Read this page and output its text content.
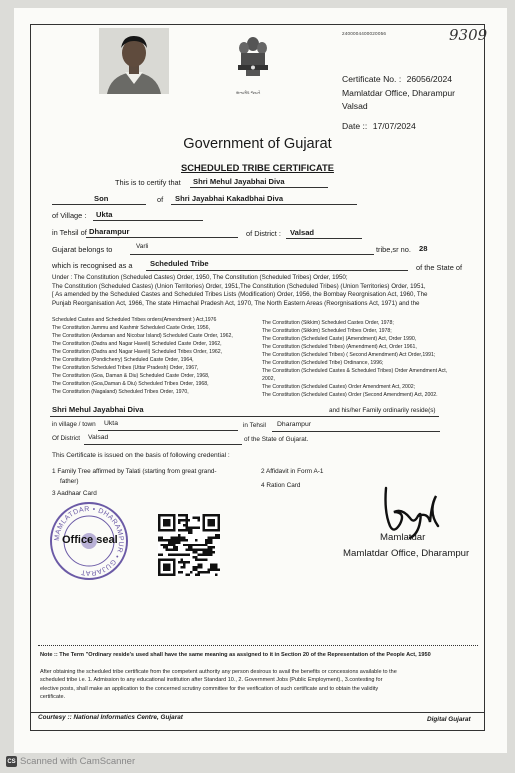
સત્યમેવ જયતે
2400004400020056	9309
Certificate No. : 26056/2024
Mamlatdar Office, Dharampur
Valsad
Date :: 17/07/2024
Government of Gujarat
SCHEDULED TRIBE CERTIFICATE
This is to certify that Shri Mehul Jayabhai Diva
Son	of Shri Jayabhai Kakadbhai Diva
of Village : Ukta
in Tehsil of Dharampur	of District : Valsad
Gujarat belongs to	Varli	tribe,sr no. 28
which is recognised as a Scheduled Tribe	of the State of
Under : The Constitution (Scheduled Castes) Order, 1950, The Constitution (Scheduled Tribes) Order, 1950;
The Constitution (Scheduled Castes) (Union Territories) Order, 1951,The Constitution (Scheduled Tribes) (Union Territories) Order, 1951,
[ As amended by the Scheduled Castes and Scheduled Tribes Lists (Modification) Order, 1956, the Bombay Reorgnisation Act, 1960, The
Punjab Reorganisation Act, 1966, The state Himachal Pradesh Act, 1970, The North Eastern Areas (Reorgnisations Act, 1971) and the
Scheduled Castes and Scheduled Tribes orders(Amendment ) Act,1976
The Constitution Jammu and Kashmir Scheduled Caste Order, 1956,
The Constitution (Andaman and Nicobar Island) Scheduled Caste Order, 1962,
The Constitution (Dadra and Nagar Haveli) Scheduled Caste Order, 1962,
The Constitution (Dadra and Nagar Haveli) Scheduled Tribes Order, 1962,
The Constitution (Pondicherry) Scheduled Caste Order, 1964,
The Constitution Scheduled Tribes (Uttar Pradesh) Order, 1967,
The Constitution (Goa, Daman & Diu) Scheduled Caste Order, 1968,
The Constitution (Goa,Daman & Diu) Scheduled Tribes Order, 1968,
The Constitution (Nagaland) Scheduled Tribes Order, 1970,
The Constitution (Sikkim) Scheduled Castes Order, 1978;
The Constitution (Sikkim) Scheduled Tribes Order, 1978;
The Constitution (Scheduled Caste) (Amendment) Act, Order 1990,
The Constitution (Scheduled Tribes) (Amendment) Act, Order 1961,
The Constitution (Scheduled Tribes) ( Second Amendment) Act Order,1991;
The Constitution (Scheduled Tribe) Ordinance, 1996;
The Constitution (Scheduled Castes & Scheduled Tribes) Order Amendment Act,
2002,
The Constitution (Scheduled Castes) Order Amendment Act, 2002;
The Constitution (Scheduled Castes) Order (Second Amendment) Act, 2002.
Shri Mehul Jayabhai Diva	and his/her Family ordinarily reside(s)
in village / town Ukta	in Tehsil Dharampur
Of District Valsad	of the State of Gujarat.
This Certificate is issued on the basis of following credential :
1 Family Tree affirmed by Talati (starting from great grand-
father)
3 Aadhaar Card
2 Affidavit in Form A-1
4 Ration Card
MAMLATDAR • DHARAMPUR • GUJARAT
Office seal	Mamlatdar
Mamlatdar Office, Dharampur
Note :: The Term "Ordinary reside's used shall have the same meaning as assigned to it in Section 20 of the Representation of the People Act, 1950
After obtaining the scheduled tribe certificate from the competent authority any person desirous to avail the benefits or concessions available to the
scheduled tribe i.e. 1. Admission to any educational institution after Standard 10., 2. Government Jobs (Public Employment)., 3.contesting for
elective posts, shall make an application to the concerned scrutiny committee for the verification of such certificate and to obtain the validity
certificate.
Courtesy :: National Informatics Centre, Gujarat	Digital Gujarat
CS Scanned with CamScanner
